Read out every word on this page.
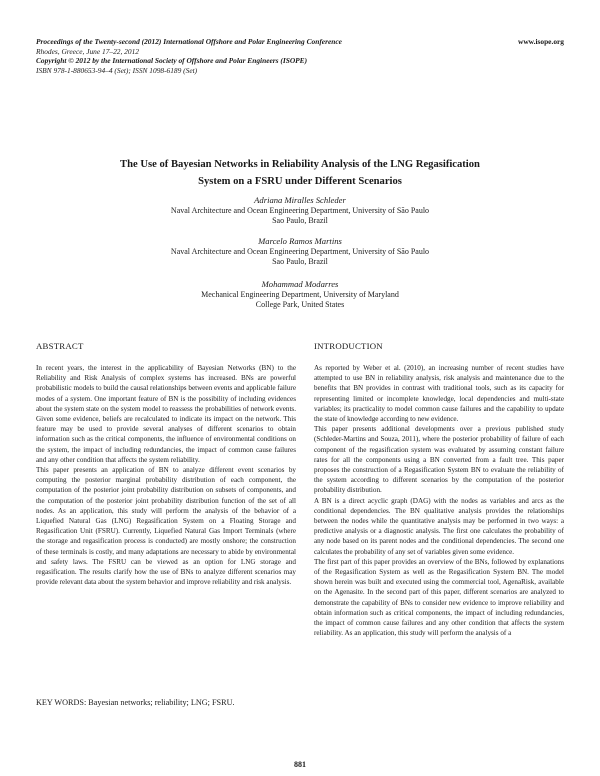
Proceedings of the Twenty-second (2012) International Offshore and Polar Engineering Conference
Rhodes, Greece, June 17–22, 2012
Copyright © 2012 by the International Society of Offshore and Polar Engineers (ISOPE)
ISBN 978-1-880653-94–4 (Set); ISSN 1098-6189 (Set)
www.isope.org
The Use of Bayesian Networks in Reliability Analysis of the LNG Regasification
System on a FSRU under Different Scenarios
Adriana Miralles Schleder
Naval Architecture and Ocean Engineering Department, University of São Paulo
Sao Paulo, Brazil
Marcelo Ramos Martins
Naval Architecture and Ocean Engineering Department, University of São Paulo
Sao Paulo, Brazil
Mohammad Modarres
Mechanical Engineering Department, University of Maryland
College Park, United States
ABSTRACT

In recent years, the interest in the applicability of Bayesian Networks (BN) to the Reliability and Risk Analysis of complex systems has increased. BNs are powerful probabilistic models to build the causal relationships between events and applicable failure modes of a system. One important feature of BN is the possibility of including evidences about the system state on the system model to reassess the probabilities of network events. Given some evidence, beliefs are recalculated to indicate its impact on the network. This feature may be used to provide several analyses of different scenarios to obtain information such as the critical components, the influence of environmental conditions on the system, the impact of including redundancies, the impact of common cause failures and any other condition that affects the system reliability.

This paper presents an application of BN to analyze different event scenarios by computing the posterior marginal probability distribution of each component, the computation of the posterior joint probability distribution on subsets of components, and the computation of the posterior joint probability distribution function of the set of all nodes. As an application, this study will perform the analysis of the behavior of a Liquefied Natural Gas (LNG) Regasification System on a Floating Storage and Regasification Unit (FSRU). Currently, Liquefied Natural Gas Import Terminals (where the storage and regasification process is conducted) are mostly onshore; the construction of these terminals is costly, and many adaptations are necessary to abide by environmental and safety laws. The FSRU can be viewed as an option for LNG storage and regasification. The results clarify how the use of BNs to analyze different scenarios may provide relevant data about the system behavior and improve reliability and risk analysis.

KEY WORDS: Bayesian networks; reliability; LNG; FSRU.
INTRODUCTION

As reported by Weber et al. (2010), an increasing number of recent studies have attempted to use BN in reliability analysis, risk analysis and maintenance due to the benefits that BN provides in contrast with traditional tools, such as its capacity for representing limited or incomplete knowledge, local dependencies and multi-state variables; its practicality to model common cause failures and the capability to update the state of knowledge according to new evidence.

This paper presents additional developments over a previous published study (Schleder-Martins and Souza, 2011), where the posterior probability of failure of each component of the regasification system was evaluated by assuming constant failure rates for all the components using a BN converted from a fault tree. This paper proposes the construction of a Regasification System BN to evaluate the reliability of the system according to different scenarios by the computation of the posterior probability distribution.

A BN is a direct acyclic graph (DAG) with the nodes as variables and arcs as the conditional dependencies. The BN qualitative analysis provides the relationships between the nodes while the quantitative analysis may be performed in two ways: a predictive analysis or a diagnostic analysis. The first one calculates the probability of any node based on its parent nodes and the conditional dependencies. The second one calculates the probability of any set of variables given some evidence.

The first part of this paper provides an overview of the BNs, followed by explanations of the Regasification System as well as the Regasification System BN. The model shown herein was built and executed using the commercial tool, AgenaRisk, available on the Agenasite. In the second part of this paper, different scenarios are analyzed to demonstrate the capability of BNs to consider new evidence to improve reliability and obtain information such as critical components, the impact of including redundancies, the impact of common cause failures and any other condition that affects the system reliability. As an application, this study will perform the analysis of a

881
